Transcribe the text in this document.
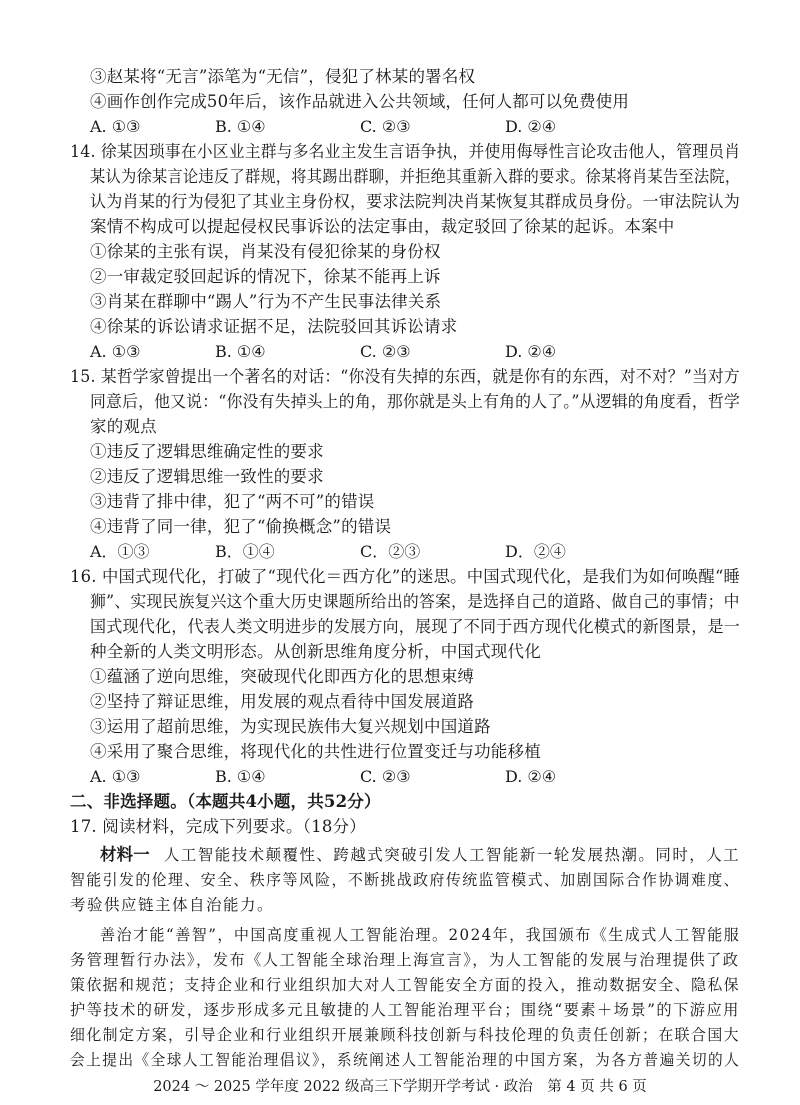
③赵某将“无言”添笔为“无信”，侵犯了林某的署名权
④画作创作完成50年后，该作品就进入公共领域，任何人都可以免费使用
A. ①③	B. ①④	C. ②③	D. ②④
14. 徐某因琐事在小区业主群与多名业主发生言语争执，并使用侮辱性言论攻击他人，管理员肖
某认为徐某言论违反了群规，将其踢出群聊，并拒绝其重新入群的要求。徐某将肖某告至法院，
认为肖某的行为侵犯了其业主身份权，要求法院判决肖某恢复其群成员身份。一审法院认为
案情不构成可以提起侵权民事诉讼的法定事由，裁定驳回了徐某的起诉。本案中
①徐某的主张有误，肖某没有侵犯徐某的身份权
②一审裁定驳回起诉的情况下，徐某不能再上诉
③肖某在群聊中“踢人”行为不产生民事法律关系
④徐某的诉讼请求证据不足，法院驳回其诉讼请求
A. ①③	B. ①④	C. ②③	D. ②④
15. 某哲学家曾提出一个著名的对话：“你没有失掉的东西，就是你有的东西，对不对？”当对方
同意后，他又说：“你没有失掉头上的角，那你就是头上有角的人了。”从逻辑的角度看，哲学
家的观点
①违反了逻辑思维确定性的要求
②违反了逻辑思维一致性的要求
③违背了排中律，犯了“两不可”的错误
④违背了同一律，犯了“偷换概念”的错误
A．①③	B．①④	C．②③	D．②④
16. 中国式现代化，打破了“现代化＝西方化”的迷思。中国式现代化，是我们为如何唤醒“睡
狮”、实现民族复兴这个重大历史课题所给出的答案，是选择自己的道路、做自己的事情；中
国式现代化，代表人类文明进步的发展方向，展现了不同于西方现代化模式的新图景，是一
种全新的人类文明形态。从创新思维角度分析，中国式现代化
①蕴涵了逆向思维，突破现代化即西方化的思想束缚
②坚持了辩证思维，用发展的观点看待中国发展道路
③运用了超前思维，为实现民族伟大复兴规划中国道路
④采用了聚合思维，将现代化的共性进行位置变迁与功能移植
A. ①③	B. ①④	C. ②③	D. ②④
二、非选择题。（本题共4小题，共52分）
17. 阅读材料，完成下列要求。（18分）
材料一 人工智能技术颠覆性、跨越式突破引发人工智能新一轮发展热潮。同时，人工
智能引发的伦理、安全、秩序等风险，不断挑战政府传统监管模式、加剧国际合作协调难度、
考验供应链主体自治能力。
善治才能“善智”，中国高度重视人工智能治理。2024年，我国颁布《生成式人工智能服
务管理暂行办法》，发布《人工智能全球治理上海宣言》，为人工智能的发展与治理提供了政
策依据和规范；支持企业和行业组织加大对人工智能安全方面的投入，推动数据安全、隐私保
护等技术的研发，逐步形成多元且敏捷的人工智能治理平台；围绕“要素＋场景”的下游应用
细化制定方案，引导企业和行业组织开展兼顾科技创新与科技伦理的负责任创新；在联合国大
会上提出《全球人工智能治理倡议》，系统阐述人工智能治理的中国方案，为各方普遍关切的人
2024 ～ 2025 学年度 2022 级高三下学期开学考试 · 政治　第 4 页 共 6 页
